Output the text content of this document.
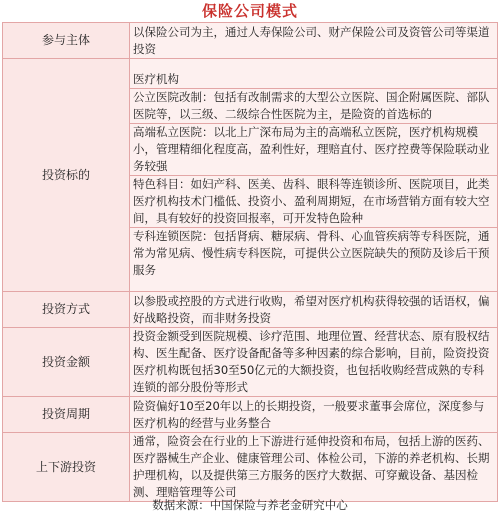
保险公司模式
参与主体	以保险公司为主，通过人寿保险公司、财产保险公司及资管公司等渠道投资
投资标的	医疗机构
公立医院改制：包括有改制需求的大型公立医院、国企附属医院、部队医院等，以三级、二级综合性医院为主，是险资的首选标的
高端私立医院：以北上广深布局为主的高端私立医院，医疗机构规模小，管理精细化程度高，盈利性好，理赔直付、医疗控费等保险联动业务较强
特色科目：如妇产科、医美、齿科、眼科等连锁诊所、医院项目，此类医疗机构技术门槛低、投资小、盈利周期短，在市场营销方面有较大空间，具有较好的投资回报率，可开发特色险种
专科连锁医院：包括肾病、糖尿病、骨科、心血管疾病等专科医院，通常为常见病、慢性病专科医院，可提供公立医院缺失的预防及诊后干预服务

投资方式	以参股或控股的方式进行收购，希望对医疗机构获得较强的话语权，偏好战略投资，而非财务投资
投资金额	投资金额受到医院规模、诊疗范围、地理位置、经营状态、原有股权结构、医生配备、医疗设备配备等多种因素的综合影响，目前，险资投资医疗机构既包括30至50亿元的大额投资，也包括收购经营成熟的专科连锁的部分股份等形式
投资周期	险资偏好10至20年以上的长期投资，一般要求董事会席位，深度参与医疗机构的经营与业务整合
上下游投资	通常，险资会在行业的上下游进行延伸投资和布局，包括上游的医药、医疗器械生产企业、健康管理公司、体检公司，下游的养老机构、长期护理机构，以及提供第三方服务的医疗大数据、可穿戴设备、基因检测、理赔管理等公司
数据来源：中国保险与养老金研究中心
